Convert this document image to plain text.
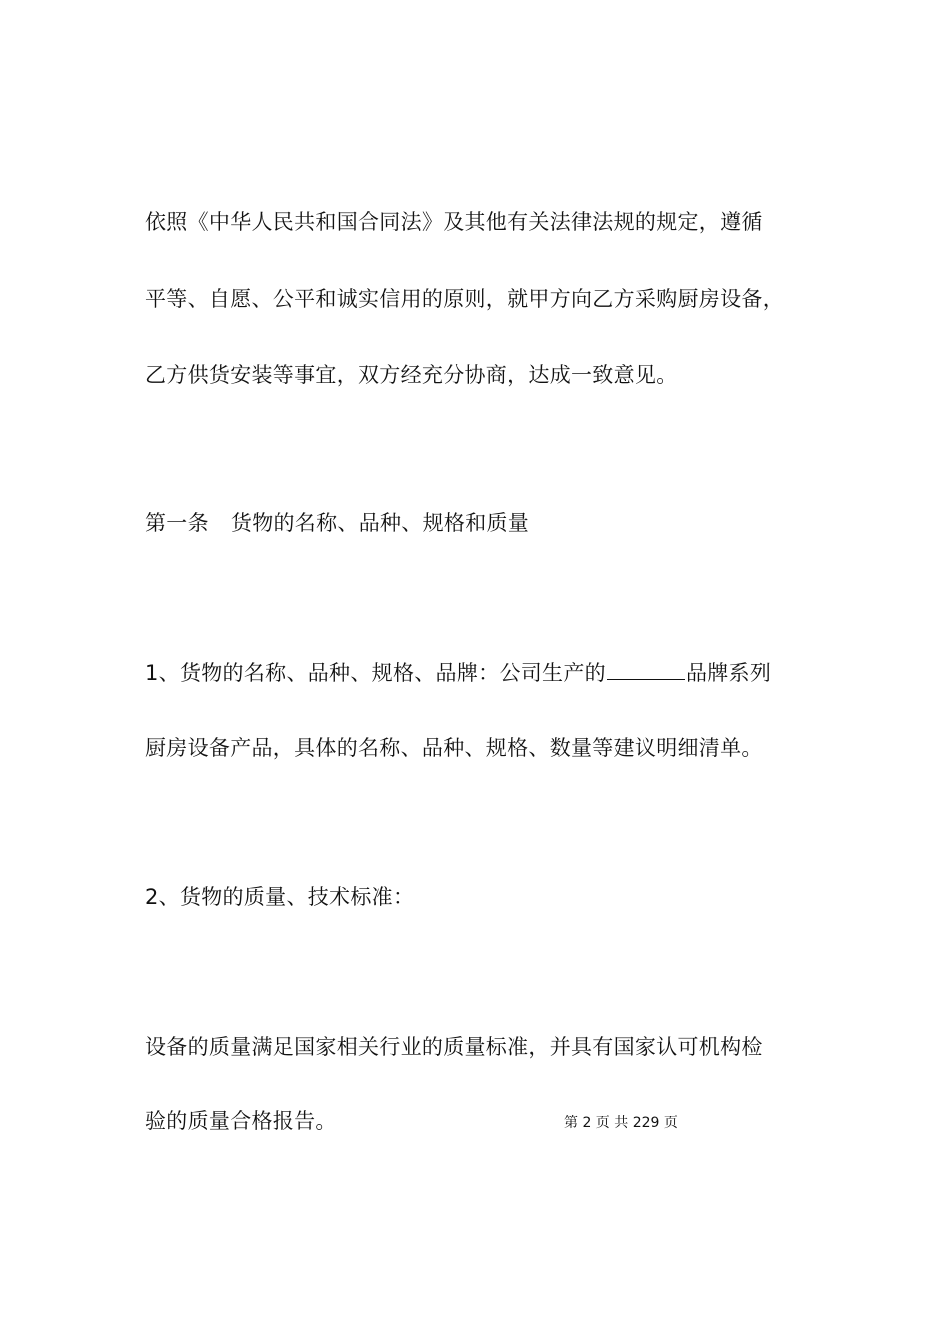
依照《中华人民共和国合同法》及其他有关法律法规的规定，遵循
平等、自愿、公平和诚实信用的原则，就甲方向乙方采购厨房设备，
乙方供货安装等事宜，双方经充分协商，达成一致意见。
第一条 货物的名称、品种、规格和质量
1、货物的名称、品种、规格、品牌：公司生产的	品牌系列
厨房设备产品，具体的名称、品种、规格、数量等建议明细清单。
2、货物的质量、技术标准：
设备的质量满足国家相关行业的质量标准，并具有国家认可机构检
验的质量合格报告。	第 2 页 共 229 页
